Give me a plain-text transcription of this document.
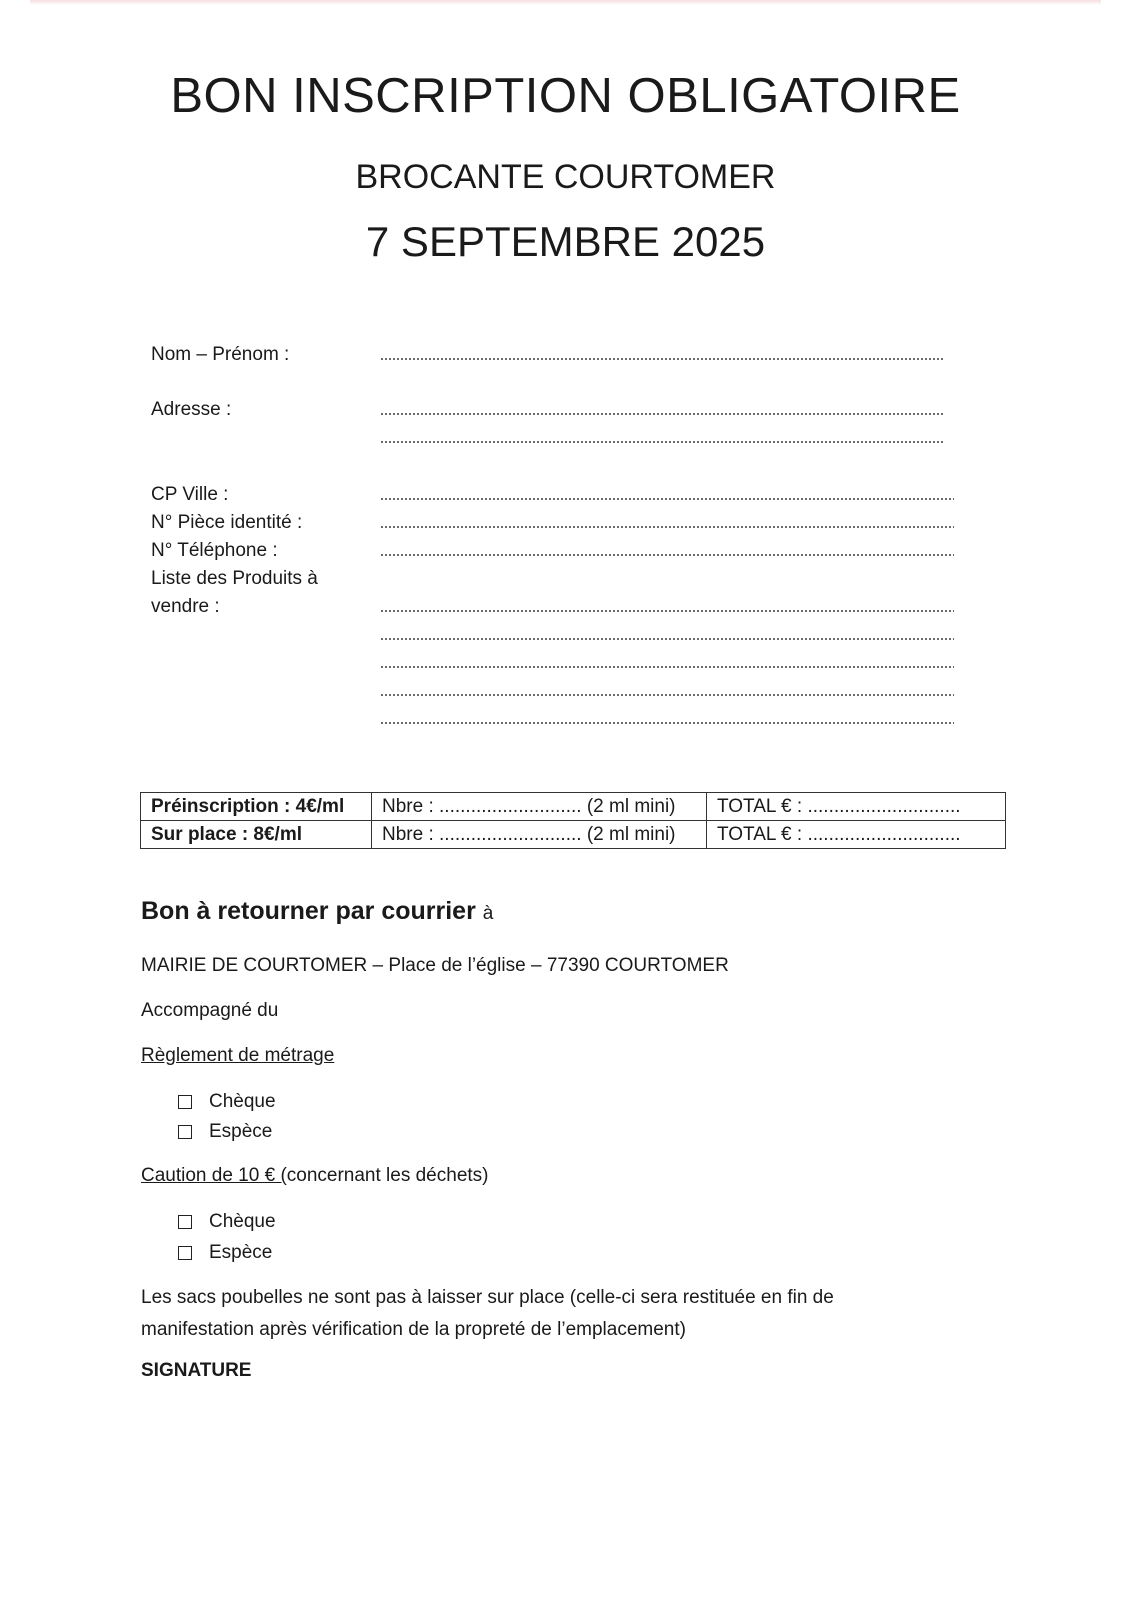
BON INSCRIPTION OBLIGATOIRE
BROCANTE COURTOMER
7 SEPTEMBRE 2025
Nom – Prénom :
Adresse :
CP Ville :
N° Pièce identité :
N° Téléphone :
Liste des Produits à
vendre :
Préinscription : 4€/ml	Nbre : ........................... (2 ml mini)	TOTAL € : .............................
Sur place : 8€/ml	Nbre : ........................... (2 ml mini)	TOTAL € : .............................
Bon à retourner par courrier à
MAIRIE DE COURTOMER – Place de l’église – 77390 COURTOMER
Accompagné du
Règlement de métrage
Chèque
Espèce
Caution de 10 € (concernant les déchets)
Chèque
Espèce
Les sacs poubelles ne sont pas à laisser sur place (celle-ci sera restituée en fin de
manifestation après vérification de la propreté de l’emplacement)
SIGNATURE
